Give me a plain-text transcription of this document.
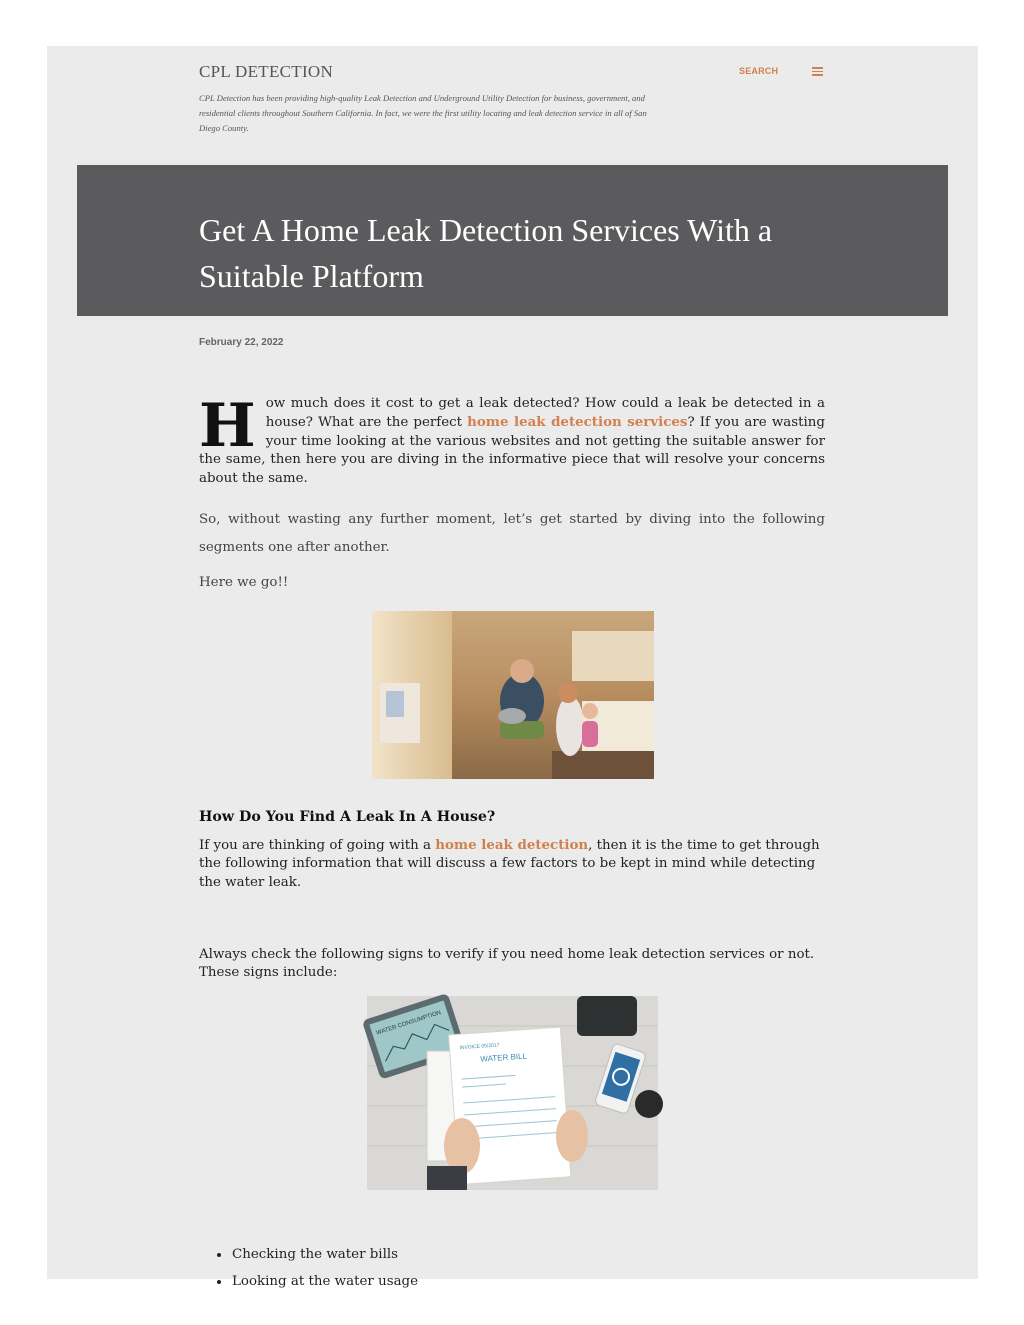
CPL DETECTION

CPL Detection has been providing high-quality Leak Detection and Underground Utility Detection for business, government, and residential clients throughout Southern California. In fact, we were the first utility locating and leak detection service in all of San Diego County.

SEARCH
Get A Home Leak Detection Services With a Suitable Platform
February 22, 2022

How much does it cost to get a leak detected? How could a leak be detected in a house? What are the perfect home leak detection services? If you are wasting your time looking at the various websites and not getting the suitable answer for the same, then here you are diving in the informative piece that will resolve your concerns about the same.

So, without wasting any further moment, let’s get started by diving into the following segments one after another.

Here we go!!

How Do You Find A Leak In A House?

If you are thinking of going with a home leak detection, then it is the time to get through the following information that will discuss a few factors to be kept in mind while detecting the water leak.

Always check the following signs to verify if you need home leak detection services or not. These signs include:

WATER CONSUMPTION
INVOICE 05/2017
WATER BILL
• Checking the water bills
• Looking at the water usage
